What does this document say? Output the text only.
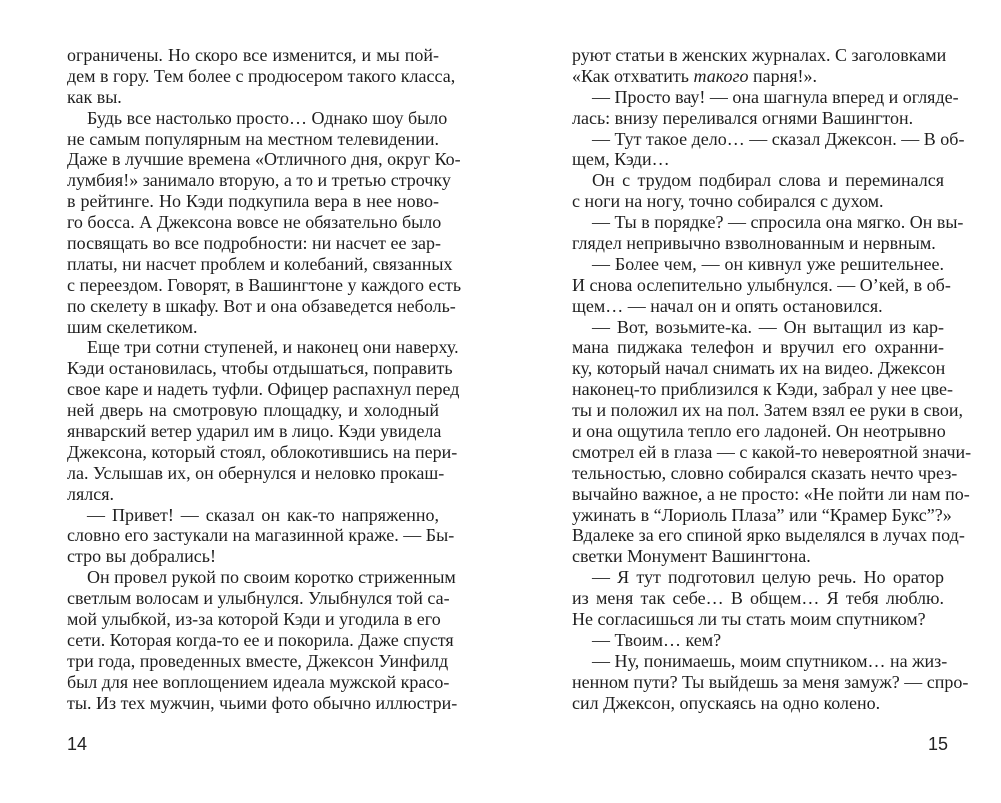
ограничены. Но скоро все изменится, и мы пой-
дем в гору. Тем более с продюсером такого класса,
как вы.
Будь все настолько просто… Однако шоу было
не самым популярным на местном телевидении.
Даже в лучшие времена «Отличного дня, округ Ко-
лумбия!» занимало вторую, а то и третью строчку
в рейтинге. Но Кэди подкупила вера в нее ново-
го босса. А Джексона вовсе не обязательно было
посвящать во все подробности: ни насчет ее зар-
платы, ни насчет проблем и колебаний, связанных
с переездом. Говорят, в Вашингтоне у каждого есть
по скелету в шкафу. Вот и она обзаведется неболь-
шим скелетиком.
Еще три сотни ступеней, и наконец они наверху.
Кэди остановилась, чтобы отдышаться, поправить
свое каре и надеть туфли. Офицер распахнул перед
ней дверь на смотровую площадку, и холодный
январский ветер ударил им в лицо. Кэди увидела
Джексона, который стоял, облокотившись на пери-
ла. Услышав их, он обернулся и неловко прокаш-
лялся.
— Привет! — сказал он как-то напряженно,
словно его застукали на магазинной краже. — Бы-
стро вы добрались!
Он провел рукой по своим коротко стриженным
светлым волосам и улыбнулся. Улыбнулся той са-
мой улыбкой, из-за которой Кэди и угодила в его
сети. Которая когда-то ее и покорила. Даже спустя
три года, проведенных вместе, Джексон Уинфилд
был для нее воплощением идеала мужской красо-
ты. Из тех мужчин, чьими фото обычно иллюстри-
руют статьи в женских журналах. С заголовками
«Как отхватить такого парня!».
— Просто вау! — она шагнула вперед и огляде-
лась: внизу переливался огнями Вашингтон.
— Тут такое дело… — сказал Джексон. — В об-
щем, Кэди…
Он с трудом подбирал слова и переминался
с ноги на ногу, точно собирался с духом.
— Ты в порядке? — спросила она мягко. Он вы-
глядел непривычно взволнованным и нервным.
— Более чем, — он кивнул уже решительнее.
И снова ослепительно улыбнулся. — О’кей, в об-
щем… — начал он и опять остановился.
— Вот, возьмите-ка. — Он вытащил из кар-
мана пиджака телефон и вручил его охранни-
ку, который начал снимать их на видео. Джексон
наконец-то приблизился к Кэди, забрал у нее цве-
ты и положил их на пол. Затем взял ее руки в свои,
и она ощутила тепло его ладоней. Он неотрывно
смотрел ей в глаза — с какой-то невероятной значи-
тельностью, словно собирался сказать нечто чрез-
вычайно важное, а не просто: «Не пойти ли нам по-
ужинать в “Лориоль Плаза” или “Крамер Букс”?»
Вдалеке за его спиной ярко выделялся в лучах под-
светки Монумент Вашингтона.
— Я тут подготовил целую речь. Но оратор
из меня так себе… В общем… Я тебя люблю.
Не согласишься ли ты стать моим спутником?
— Твоим… кем?
— Ну, понимаешь, моим спутником… на жиз-
ненном пути? Ты выйдешь за меня замуж? — спро-
сил Джексон, опускаясь на одно колено.
14	15
